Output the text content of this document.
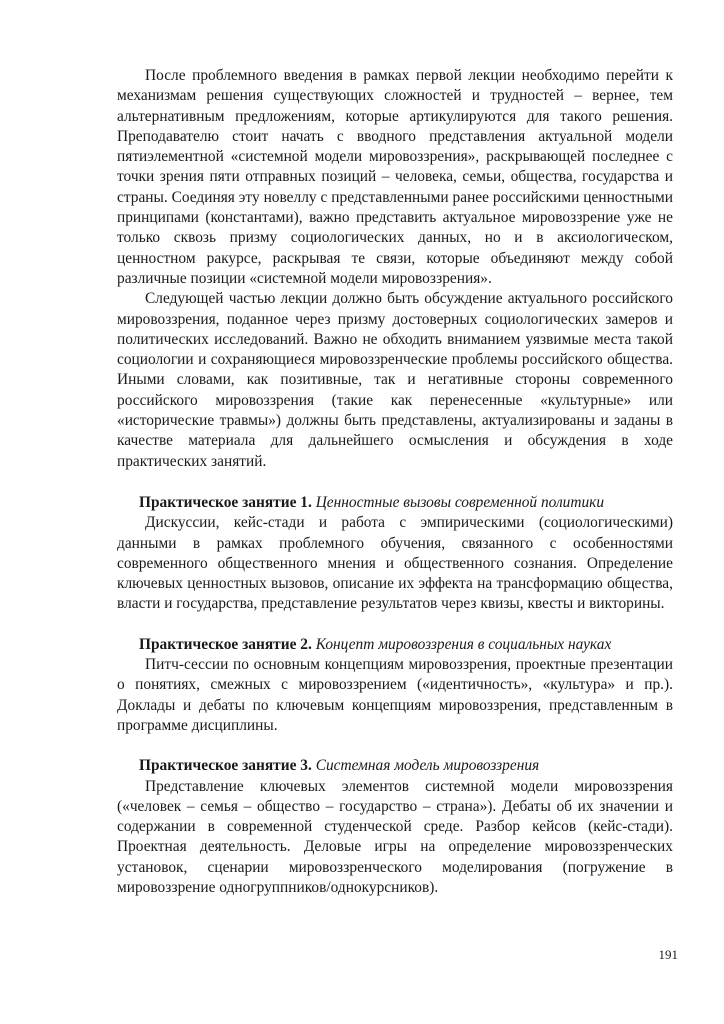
После проблемного введения в рамках первой лекции необходимо перейти к механизмам решения существующих сложностей и трудностей – вернее, тем альтернативным предложениям, которые артикулируются для такого решения. Преподавателю стоит начать с вводного представления актуальной модели пятиэлементной «системной модели мировоззрения», раскрывающей последнее с точки зрения пяти отправных позиций – человека, семьи, общества, государства и страны. Соединяя эту новеллу с представленными ранее российскими ценностными принципами (константами), важно представить актуальное мировоззрение уже не только сквозь призму социологических данных, но и в аксиологическом, ценностном ракурсе, раскрывая те связи, которые объединяют между собой различные позиции «системной модели мировоззрения».

Следующей частью лекции должно быть обсуждение актуального российского мировоззрения, поданное через призму достоверных социологических замеров и политических исследований. Важно не обходить вниманием уязвимые места такой социологии и сохраняющиеся мировоззренческие проблемы российского общества. Иными словами, как позитивные, так и негативные стороны современного российского мировоззрения (такие как перенесенные «культурные» или «исторические травмы») должны быть представлены, актуализированы и заданы в качестве материала для дальнейшего осмысления и обсуждения в ходе практических занятий.

Практическое занятие 1. Ценностные вызовы современной политики

Дискуссии, кейс-стади и работа с эмпирическими (социологическими) данными в рамках проблемного обучения, связанного с особенностями современного общественного мнения и общественного сознания. Определение ключевых ценностных вызовов, описание их эффекта на трансформацию общества, власти и государства, представление результатов через квизы, квесты и викторины.

Практическое занятие 2. Концепт мировоззрения в социальных науках

Питч-сессии по основным концепциям мировоззрения, проектные презентации о понятиях, смежных с мировоззрением («идентичность», «культура» и пр.). Доклады и дебаты по ключевым концепциям мировоззрения, представленным в программе дисциплины.

Практическое занятие 3. Системная модель мировоззрения

Представление ключевых элементов системной модели мировоззрения («человек – семья – общество – государство – страна»). Дебаты об их значении и содержании в современной студенческой среде. Разбор кейсов (кейс-стади). Проектная деятельность. Деловые игры на определение мировоззренческих установок, сценарии мировоззренческого моделирования (погружение в мировоззрение одногруппников/однокурсников).

191
